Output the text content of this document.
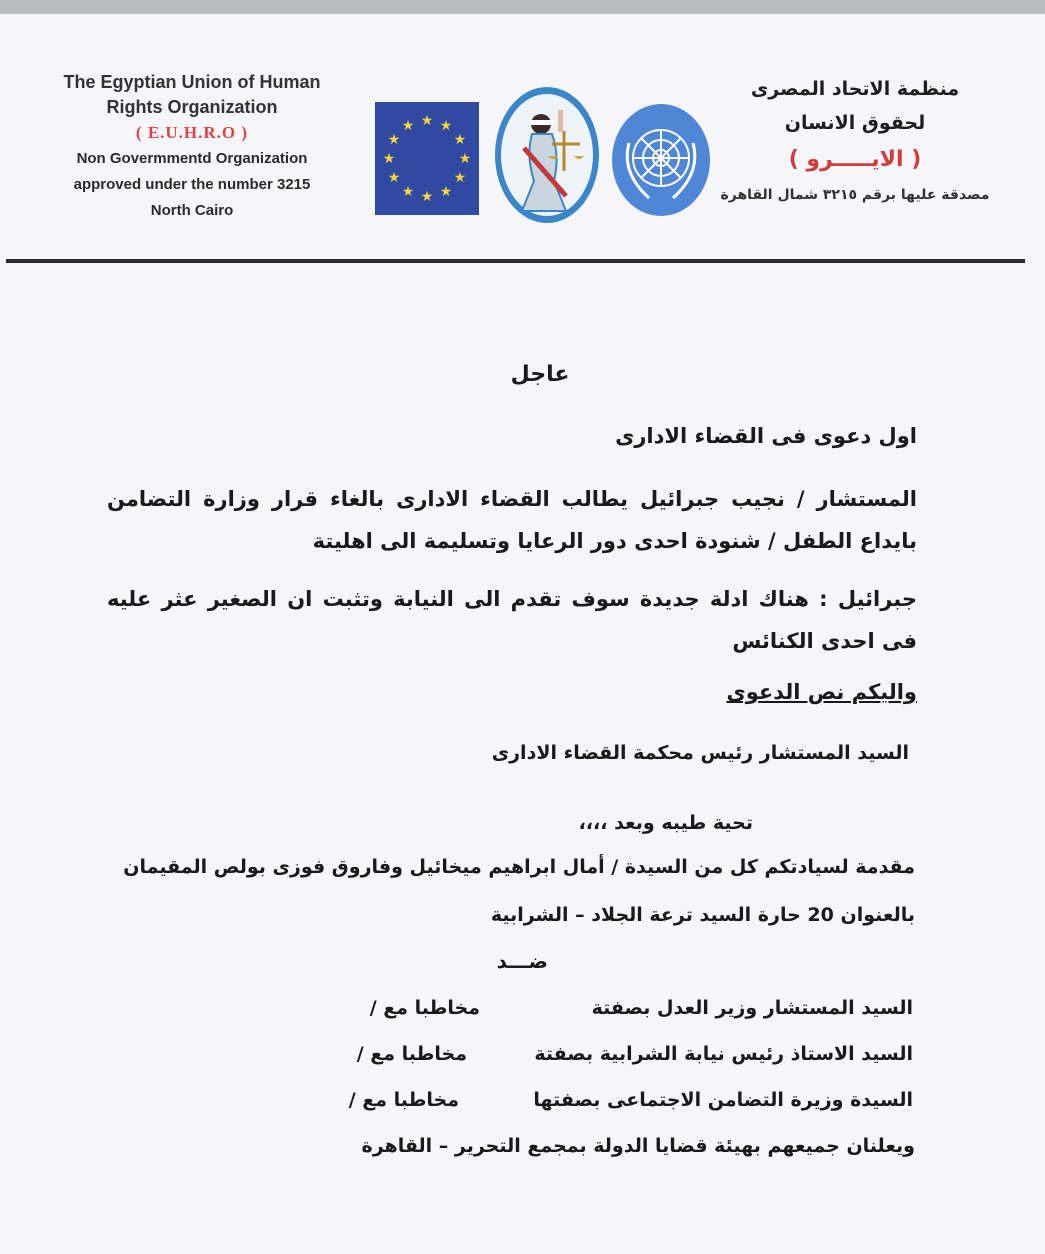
The Egyptian Union of Human
Rights Organization
( E.U.H.R.O )
Non Govermmentd Organization
approved under the number 3215
North Cairo
★ ★
★
★
★
★
★
★
★
★
★
★
منظمة الاتحاد المصرى لحقوق الانسان
( الايـــــرو )
مصدقة عليها برقم ٣٢١٥ شمال القاهرة
عاجل
اول دعوى فى القضاء الادارى
المستشار / نجيب جبرائيل يطالب القضاء الادارى بالغاء قرار وزارة التضامن بايداع الطفل / شنودة احدى دور الرعايا وتسليمة الى اهليتة
جبرائيل : هناك ادلة جديدة سوف تقدم الى النيابة وتثبت ان الصغير عثر عليه فى احدى الكنائس
واليكم نص الدعوى
السيد المستشار رئيس محكمة القضاء الادارى
تحية طيبه وبعد ،،،،
مقدمة لسيادتكم كل من السيدة / أمال ابراهيم ميخائيل وفاروق فوزى بولص المقيمان
بالعنوان 20 حارة السيد ترعة الجلاد – الشرابية
ضـــد
السيد المستشار وزير العدل بصفتة
مخاطبا مع /
السيد الاستاذ رئيس نيابة الشرابية بصفتة
مخاطبا مع /
السيدة وزيرة التضامن الاجتماعى بصفتها
مخاطبا مع /
ويعلنان جميعهم بهيئة قضايا الدولة بمجمع التحرير – القاهرة
